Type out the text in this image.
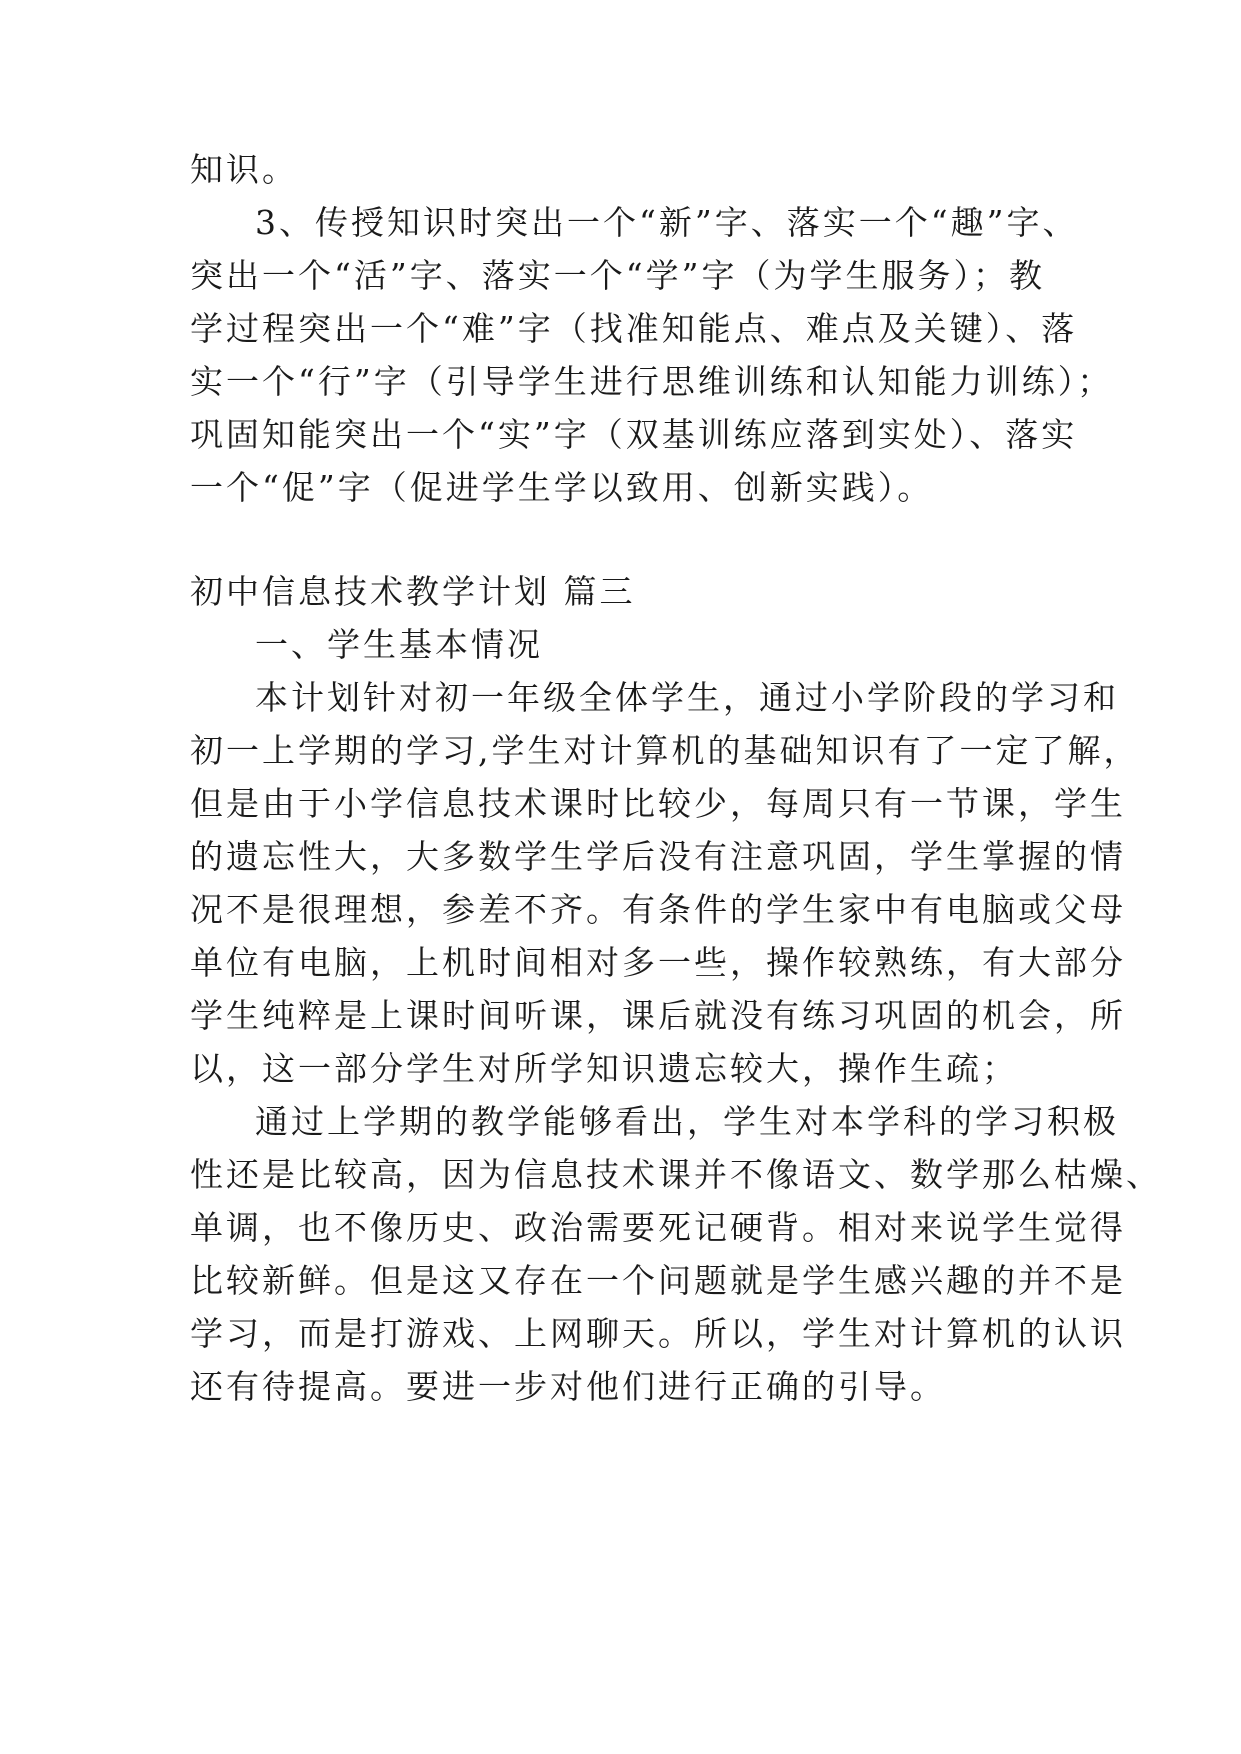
知识。
3、传授知识时突出一个“新”字、落实一个“趣”字、
突出一个“活”字、落实一个“学”字（为学生服务）；教
学过程突出一个“难”字（找准知能点、难点及关键）、落
实一个“行”字（引导学生进行思维训练和认知能力训练）；
巩固知能突出一个“实”字（双基训练应落到实处）、落实
一个“促”字（促进学生学以致用、创新实践）。
初中信息技术教学计划 篇三
一、学生基本情况
本计划针对初一年级全体学生，通过小学阶段的学习和
初一上学期的学习,学生对计算机的基础知识有了一定了解，
但是由于小学信息技术课时比较少，每周只有一节课，学生
的遗忘性大，大多数学生学后没有注意巩固，学生掌握的情
况不是很理想，参差不齐。有条件的学生家中有电脑或父母
单位有电脑，上机时间相对多一些，操作较熟练，有大部分
学生纯粹是上课时间听课，课后就没有练习巩固的机会，所
以，这一部分学生对所学知识遗忘较大，操作生疏；
通过上学期的教学能够看出，学生对本学科的学习积极
性还是比较高，因为信息技术课并不像语文、数学那么枯燥、
单调，也不像历史、政治需要死记硬背。相对来说学生觉得
比较新鲜。但是这又存在一个问题就是学生感兴趣的并不是
学习，而是打游戏、上网聊天。所以，学生对计算机的认识
还有待提高。要进一步对他们进行正确的引导。
